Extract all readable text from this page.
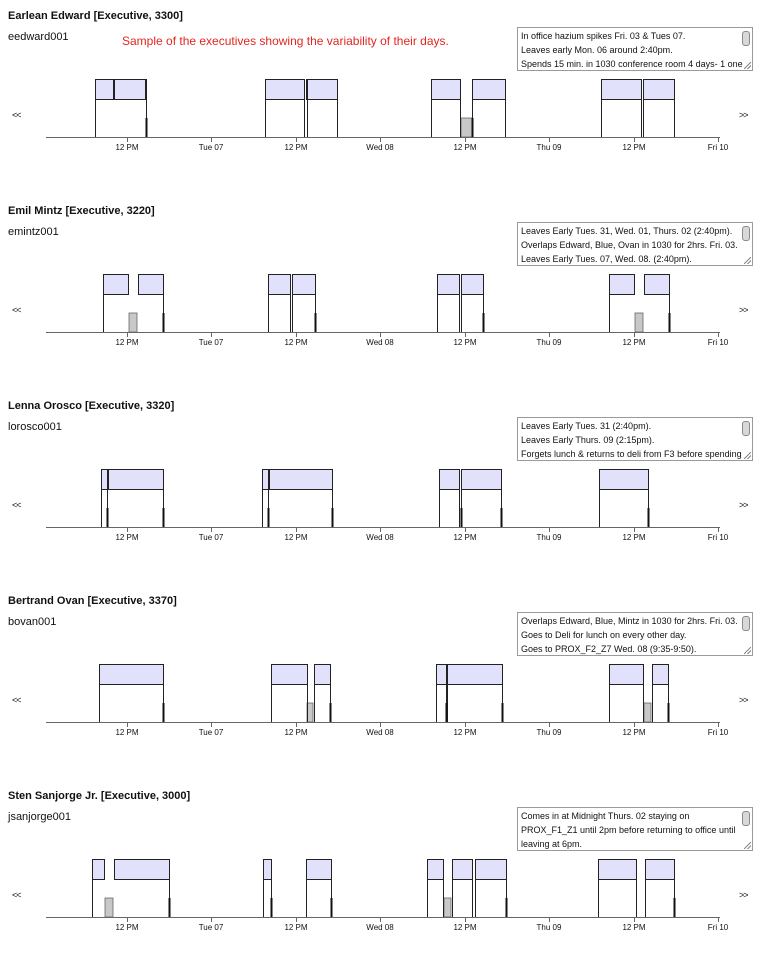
Earlean Edward [Executive, 3300]
eedward001	Sample of the executives showing the variability of their days.	In office hazium spikes Fri. 03 & Tues 07.
Leaves early Mon. 06 around 2:40pm.
Spends 15 min. in 1030 conference room 4 days- 1 one
<<	>>
12 PM	Tue 07	12 PM	Wed 08	12 PM	Thu 09	12 PM	Fri 10
Emil Mintz [Executive, 3220]
emintz001	Leaves Early Tues. 31, Wed. 01, Thurs. 02 (2:40pm).
Overlaps Edward, Blue, Ovan in 1030 for 2hrs. Fri. 03.
Leaves Early Tues. 07, Wed. 08. (2:40pm).
<<	>>
12 PM	Tue 07	12 PM	Wed 08	12 PM	Thu 09	12 PM	Fri 10
Lenna Orosco [Executive, 3320]
lorosco001	Leaves Early Tues. 31 (2:40pm).
Leaves Early Thurs. 09 (2:15pm).
Forgets lunch & returns to deli from F3 before spending
<<	>>
12 PM	Tue 07	12 PM	Wed 08	12 PM	Thu 09	12 PM	Fri 10
Bertrand Ovan [Executive, 3370]
bovan001	Overlaps Edward, Blue, Mintz in 1030 for 2hrs. Fri. 03.
Goes to Deli for lunch on every other day.
Goes to PROX_F2_Z7 Wed. 08 (9:35-9:50).
<<	>>
12 PM	Tue 07	12 PM	Wed 08	12 PM	Thu 09	12 PM	Fri 10
Sten Sanjorge Jr. [Executive, 3000]
jsanjorge001	Comes in at Midnight Thurs. 02 staying on
PROX_F1_Z1 until 2pm before returning to office until
leaving at 6pm.
<<	>>
12 PM	Tue 07	12 PM	Wed 08	12 PM	Thu 09	12 PM	Fri 10
